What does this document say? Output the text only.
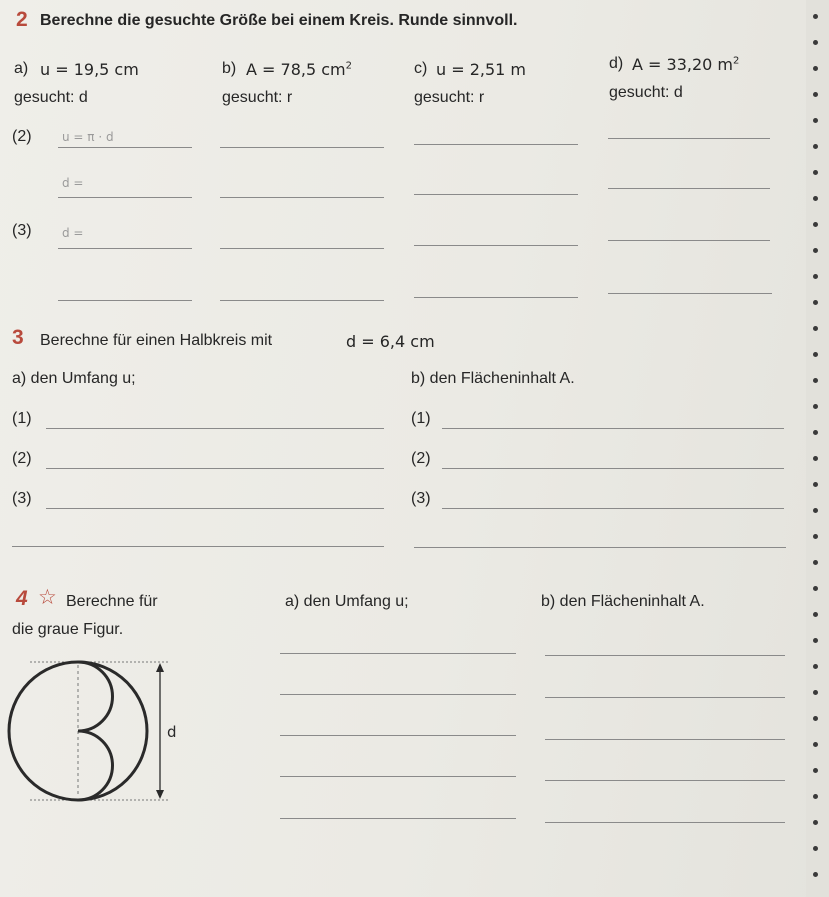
2 Berechne die gesuchte Größe bei einem Kreis. Runde sinnvoll.
a) u = 19,5 cm
gesucht: d
b) A = 78,5 $cm^2$
gesucht: r
c) u = 2,51 m
gesucht: r
d) A = 33,20 $m^2$
gesucht: d
(2)	u = π · d
d =
(3)	d =
3 Berechne für einen Halbkreis mit	d = 6,4 cm
a) den Umfang u;	b) den Flächeninhalt A.
(1)
(2)
(3)
(1)
(2)
(3)
4 ☆ Berechne für
die graue Figur.
a) den Umfang u;	b) den Flächeninhalt A.
d
